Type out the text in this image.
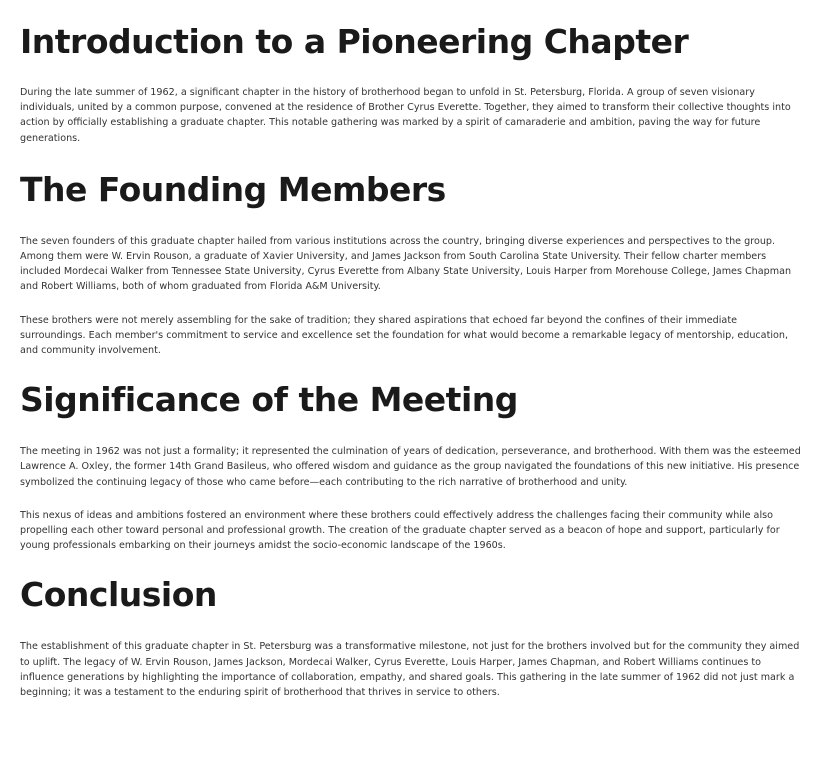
Introduction to a Pioneering Chapter

During the late summer of 1962, a significant chapter in the history of brotherhood began to unfold in St. Petersburg, Florida. A group of seven visionary individuals, united by a common purpose, convened at the residence of Brother Cyrus Everette. Together, they aimed to transform their collective thoughts into action by officially establishing a graduate chapter. This notable gathering was marked by a spirit of camaraderie and ambition, paving the way for future generations.

The Founding Members

The seven founders of this graduate chapter hailed from various institutions across the country, bringing diverse experiences and perspectives to the group. Among them were W. Ervin Rouson, a graduate of Xavier University, and James Jackson from South Carolina State University. Their fellow charter members included Mordecai Walker from Tennessee State University, Cyrus Everette from Albany State University, Louis Harper from Morehouse College, James Chapman and Robert Williams, both of whom graduated from Florida A&M University.

These brothers were not merely assembling for the sake of tradition; they shared aspirations that echoed far beyond the confines of their immediate surroundings. Each member's commitment to service and excellence set the foundation for what would become a remarkable legacy of mentorship, education, and community involvement.

Significance of the Meeting

The meeting in 1962 was not just a formality; it represented the culmination of years of dedication, perseverance, and brotherhood. With them was the esteemed Lawrence A. Oxley, the former 14th Grand Basileus, who offered wisdom and guidance as the group navigated the foundations of this new initiative. His presence symbolized the continuing legacy of those who came before—each contributing to the rich narrative of brotherhood and unity.

This nexus of ideas and ambitions fostered an environment where these brothers could effectively address the challenges facing their community while also propelling each other toward personal and professional growth. The creation of the graduate chapter served as a beacon of hope and support, particularly for young professionals embarking on their journeys amidst the socio-economic landscape of the 1960s.

Conclusion

The establishment of this graduate chapter in St. Petersburg was a transformative milestone, not just for the brothers involved but for the community they aimed to uplift. The legacy of W. Ervin Rouson, James Jackson, Mordecai Walker, Cyrus Everette, Louis Harper, James Chapman, and Robert Williams continues to influence generations by highlighting the importance of collaboration, empathy, and shared goals. This gathering in the late summer of 1962 did not just mark a beginning; it was a testament to the enduring spirit of brotherhood that thrives in service to others.
